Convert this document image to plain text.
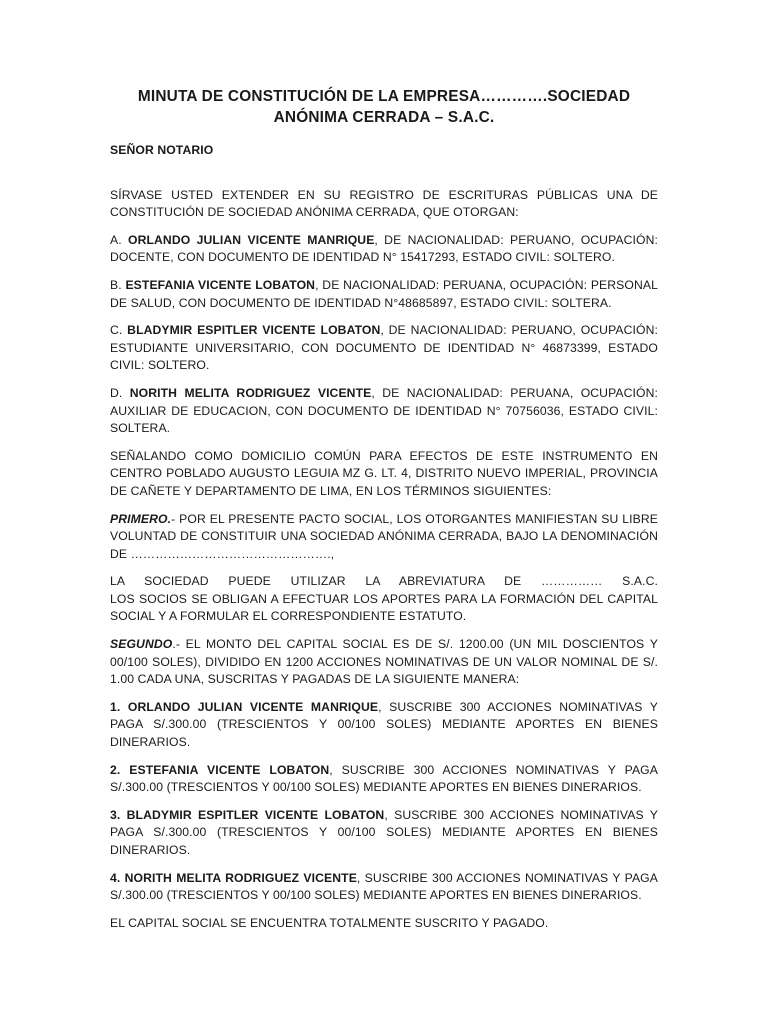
MINUTA DE CONSTITUCIÓN DE LA EMPRESA………….SOCIEDAD
ANÓNIMA CERRADA – S.A.C.

SEÑOR NOTARIO

SÍRVASE USTED EXTENDER EN SU REGISTRO DE ESCRITURAS PÚBLICAS UNA DE CONSTITUCIÓN DE SOCIEDAD ANÓNIMA CERRADA, QUE OTORGAN:

A. ORLANDO JULIAN VICENTE MANRIQUE, DE NACIONALIDAD: PERUANO, OCUPACIÓN: DOCENTE, CON DOCUMENTO DE IDENTIDAD N° 15417293, ESTADO CIVIL: SOLTERO.

B. ESTEFANIA VICENTE LOBATON, DE NACIONALIDAD: PERUANA, OCUPACIÓN: PERSONAL DE SALUD, CON DOCUMENTO DE IDENTIDAD N°48685897, ESTADO CIVIL: SOLTERA.

C. BLADYMIR ESPITLER VICENTE LOBATON, DE NACIONALIDAD: PERUANO, OCUPACIÓN: ESTUDIANTE UNIVERSITARIO, CON DOCUMENTO DE IDENTIDAD N° 46873399, ESTADO CIVIL: SOLTERO.

D. NORITH MELITA RODRIGUEZ VICENTE, DE NACIONALIDAD: PERUANA, OCUPACIÓN: AUXILIAR DE EDUCACION, CON DOCUMENTO DE IDENTIDAD N° 70756036, ESTADO CIVIL: SOLTERA.

SEÑALANDO COMO DOMICILIO COMÚN PARA EFECTOS DE ESTE INSTRUMENTO EN CENTRO POBLADO AUGUSTO LEGUIA MZ G. LT. 4, DISTRITO NUEVO IMPERIAL, PROVINCIA DE CAÑETE Y DEPARTAMENTO DE LIMA, EN LOS TÉRMINOS SIGUIENTES:

PRIMERO.- POR EL PRESENTE PACTO SOCIAL, LOS OTORGANTES MANIFIESTAN SU LIBRE VOLUNTAD DE CONSTITUIR UNA SOCIEDAD ANÓNIMA CERRADA, BAJO LA DENOMINACIÓN DE ………………………………………….,

LA SOCIEDAD PUEDE UTILIZAR LA ABREVIATURA DE …………… S.A.C.

LOS SOCIOS SE OBLIGAN A EFECTUAR LOS APORTES PARA LA FORMACIÓN DEL CAPITAL SOCIAL Y A FORMULAR EL CORRESPONDIENTE ESTATUTO.

SEGUNDO.- EL MONTO DEL CAPITAL SOCIAL ES DE S/. 1200.00 (UN MIL DOSCIENTOS Y 00/100 SOLES), DIVIDIDO EN 1200 ACCIONES NOMINATIVAS DE UN VALOR NOMINAL DE S/. 1.00 CADA UNA, SUSCRITAS Y PAGADAS DE LA SIGUIENTE MANERA:

1. ORLANDO JULIAN VICENTE MANRIQUE, SUSCRIBE 300 ACCIONES NOMINATIVAS Y PAGA S/.300.00 (TRESCIENTOS Y 00/100 SOLES) MEDIANTE APORTES EN BIENES DINERARIOS.

2. ESTEFANIA VICENTE LOBATON, SUSCRIBE 300 ACCIONES NOMINATIVAS Y PAGA S/.300.00 (TRESCIENTOS Y 00/100 SOLES) MEDIANTE APORTES EN BIENES DINERARIOS.

3. BLADYMIR ESPITLER VICENTE LOBATON, SUSCRIBE 300 ACCIONES NOMINATIVAS Y PAGA S/.300.00 (TRESCIENTOS Y 00/100 SOLES) MEDIANTE APORTES EN BIENES DINERARIOS.

4. NORITH MELITA RODRIGUEZ VICENTE, SUSCRIBE 300 ACCIONES NOMINATIVAS Y PAGA S/.300.00 (TRESCIENTOS Y 00/100 SOLES) MEDIANTE APORTES EN BIENES DINERARIOS.

EL CAPITAL SOCIAL SE ENCUENTRA TOTALMENTE SUSCRITO Y PAGADO.
